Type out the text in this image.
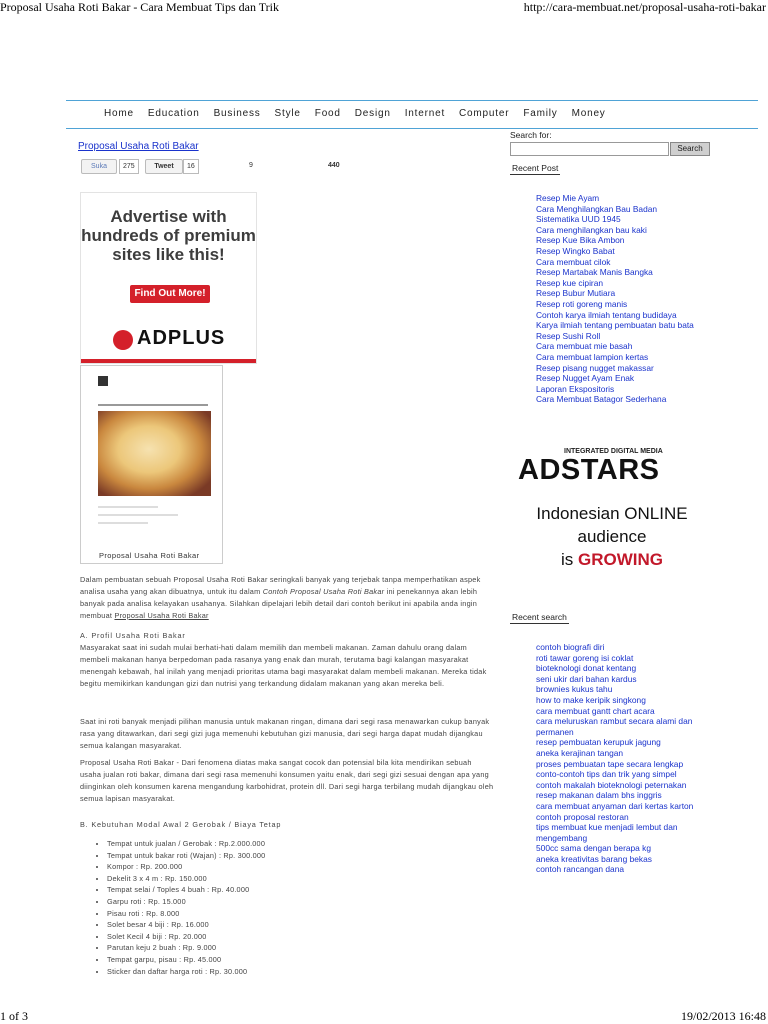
Proposal Usaha Roti Bakar - Cara Membuat Tips dan Trik	http://cara-membuat.net/proposal-usaha-roti-bakar
Home Education Business Style Food Design Internet Computer Family Money
Proposal Usaha Roti Bakar
Suka	275	Tweet	16	9	440
Advertise with hundreds of premium sites like this!
Find Out More!
ADPLUS
Proposal Usaha Roti Bakar
Dalam pembuatan sebuah Proposal Usaha Roti Bakar seringkali banyak yang terjebak tanpa memperhatikan aspek analisa usaha yang akan dibuatnya, untuk itu dalam Contoh Proposal Usaha Roti Bakar ini penekannya akan lebih banyak pada analisa kelayakan usahanya. Silahkan dipelajari lebih detail dari contoh berikut ini apabila anda ingin membuat Proposal Usaha Roti Bakar
A. Profil Usaha Roti Bakar
Masyarakat saat ini sudah mulai berhati-hati dalam memilih dan membeli makanan. Zaman dahulu orang dalam membeli makanan hanya berpedoman pada rasanya yang enak dan murah, terutama bagi kalangan masyarakat menengah kebawah, hal inilah yang menjadi prioritas utama bagi masyarakat dalam membeli makanan. Mereka tidak begitu memikirkan kandungan gizi dan nutrisi yang terkandung didalam makanan yang akan mereka beli.
Saat ini roti banyak menjadi pilihan manusia untuk makanan ringan, dimana dari segi rasa menawarkan cukup banyak rasa yang ditawarkan, dari segi gizi juga memenuhi kebutuhan gizi manusia, dari segi harga dapat mudah dijangkau semua kalangan masyarakat.
Proposal Usaha Roti Bakar - Dari fenomena diatas maka sangat cocok dan potensial bila kita mendirikan sebuah usaha jualan roti bakar, dimana dari segi rasa memenuhi konsumen yaitu enak, dari segi gizi sesuai dengan apa yang diinginkan oleh konsumen karena mengandung karbohidrat, protein dll. Dari segi harga terbilang mudah dijangkau oleh semua lapisan masyarakat.
B. Kebutuhan Modal Awal 2 Gerobak / Biaya Tetap
• Tempat untuk jualan / Gerobak : Rp.2.000.000
• Tempat untuk bakar roti (Wajan) : Rp. 300.000
• Kompor : Rp. 200.000
• Dekelit 3 x 4 m : Rp. 150.000
• Tempat selai / Toples 4 buah : Rp. 40.000
• Garpu roti : Rp. 15.000
• Pisau roti : Rp. 8.000
• Solet besar 4 biji : Rp. 16.000
• Solet Kecil 4 biji : Rp. 20.000
• Parutan keju 2 buah : Rp. 9.000
• Tempat garpu, pisau : Rp. 45.000
• Sticker dan daftar harga roti : Rp. 30.000
Search for:
Search
Recent Post
Resep Mie Ayam
Cara Menghilangkan Bau Badan
Sistematika UUD 1945
Cara menghilangkan bau kaki
Resep Kue Bika Ambon
Resep Wingko Babat
Cara membuat cilok
Resep Martabak Manis Bangka
Resep kue cipiran
Resep Bubur Mutiara
Resep roti goreng manis
Contoh karya ilmiah tentang budidaya
Karya ilmiah tentang pembuatan batu bata
Resep Sushi Roll
Cara membuat mie basah
Cara membuat lampion kertas
Resep pisang nugget makassar
Resep Nugget Ayam Enak
Laporan Ekspositoris
Cara Membuat Batagor Sederhana
INTEGRATED DIGITAL MEDIA
ADSTARS
Indonesian ONLINE
audience
is GROWING
Recent search
contoh biografi diri
roti tawar goreng isi coklat
bioteknologi donat kentang
seni ukir dari bahan kardus
brownies kukus tahu
how to make keripik singkong
cara membuat gantt chart acara
cara meluruskan rambut secara alami dan permanen
resep pembuatan kerupuk jagung
aneka kerajinan tangan
proses pembuatan tape secara lengkap
conto-contoh tips dan trik yang simpel
contoh makalah bioteknologi peternakan
resep makanan dalam bhs inggris
cara membuat anyaman dari kertas karton
contoh proposal restoran
tips membuat kue menjadi lembut dan mengembang
500cc sama dengan berapa kg
aneka kreativitas barang bekas
contoh rancangan dana
1 of 3	19/02/2013 16:48
